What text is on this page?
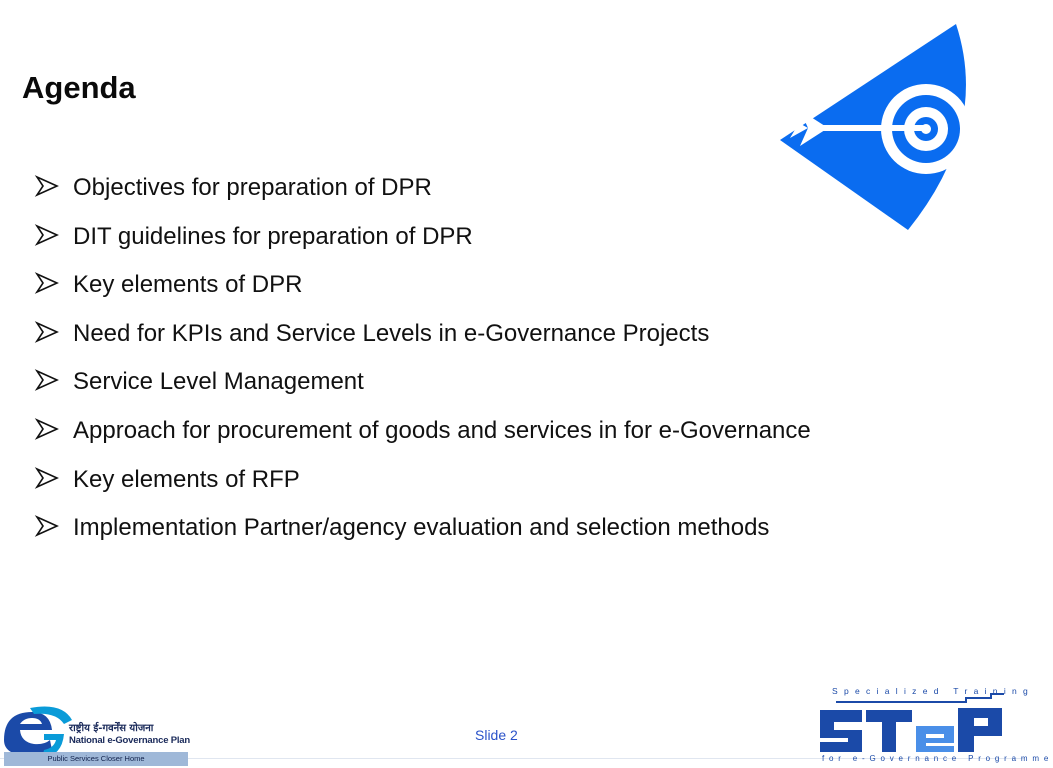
Agenda
Objectives for preparation of DPR
DIT guidelines for preparation of DPR
Key elements of DPR
Need for KPIs and Service Levels in e-Governance Projects
Service Level Management
Approach for procurement of goods and services in for e-Governance
Key elements of RFP
Implementation Partner/agency evaluation and selection methods
राष्ट्रीय ई-गवर्नेंस योजना
National e-Governance Plan
Public Services Closer Home
Slide 2
Specialized Training
for e-Governance Programme
